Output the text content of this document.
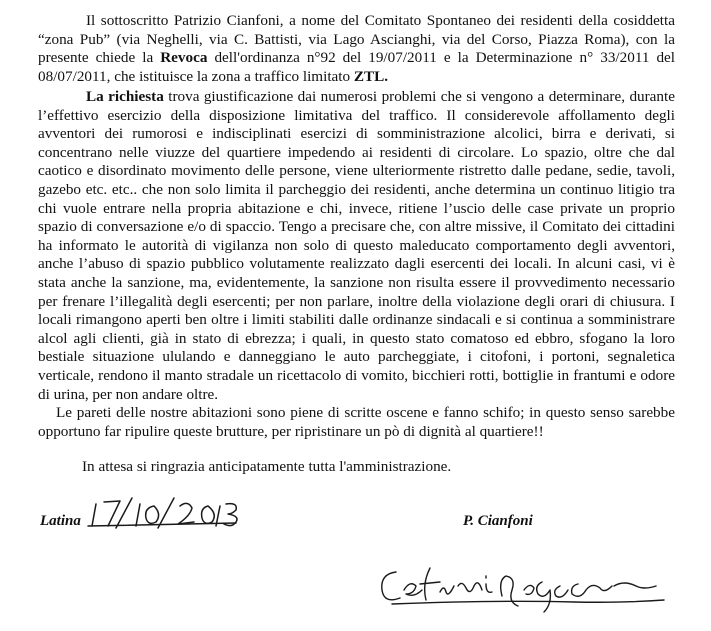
Il sottoscritto Patrizio Cianfoni, a nome del Comitato Spontaneo dei residenti della cosiddetta “zona Pub” (via Neghelli, via C. Battisti, via Lago Ascianghi, via del Corso, Piazza Roma), con la presente chiede la Revoca dell'ordinanza n°92 del 19/07/2011 e la Determinazione n° 33/2011 del 08/07/2011, che istituisce la zona a traffico limitato ZTL.

La richiesta trova giustificazione dai numerosi problemi che si vengono a determinare, durante l’effettivo esercizio della disposizione limitativa del traffico. Il considerevole affollamento degli avventori dei rumorosi e indisciplinati esercizi di somministrazione alcolici, birra e derivati, si concentrano nelle viuzze del quartiere impedendo ai residenti di circolare. Lo spazio, oltre che dal caotico e disordinato movimento delle persone, viene ulteriormente ristretto dalle pedane, sedie, tavoli, gazebo etc. etc.. che non solo limita il parcheggio dei residenti, anche determina un continuo litigio tra chi vuole entrare nella propria abitazione e chi, invece, ritiene l’uscio delle case private un proprio spazio di conversazione e/o di spaccio. Tengo a precisare che, con altre missive, il Comitato dei cittadini ha informato le autorità di vigilanza non solo di questo maleducato comportamento degli avventori, anche l’abuso di spazio pubblico volutamente realizzato dagli esercenti dei locali. In alcuni casi, vi è stata anche la sanzione, ma, evidentemente, la sanzione non risulta essere il provvedimento necessario per frenare l’illegalità degli esercenti; per non parlare, inoltre della violazione degli orari di chiusura. I locali rimangono aperti ben oltre i limiti stabiliti dalle ordinanze sindacali e si continua a somministrare alcol agli clienti, già in stato di ebrezza; i quali, in questo stato comatoso ed ebbro, sfogano la loro bestiale situazione ululando e danneggiano le auto parcheggiate, i citofoni, i portoni, segnaletica verticale, rendono il manto stradale un ricettacolo di vomito, bicchieri rotti, bottiglie in frantumi e odore di urina, per non andare oltre.

Le pareti delle nostre abitazioni sono piene di scritte oscene e fanno schifo; in questo senso sarebbe opportuno far ripulire queste brutture, per ripristinare un pò di dignità al quartiere!!

In attesa si ringrazia anticipatamente tutta l'amministrazione.

Latina	P. Cianfoni
